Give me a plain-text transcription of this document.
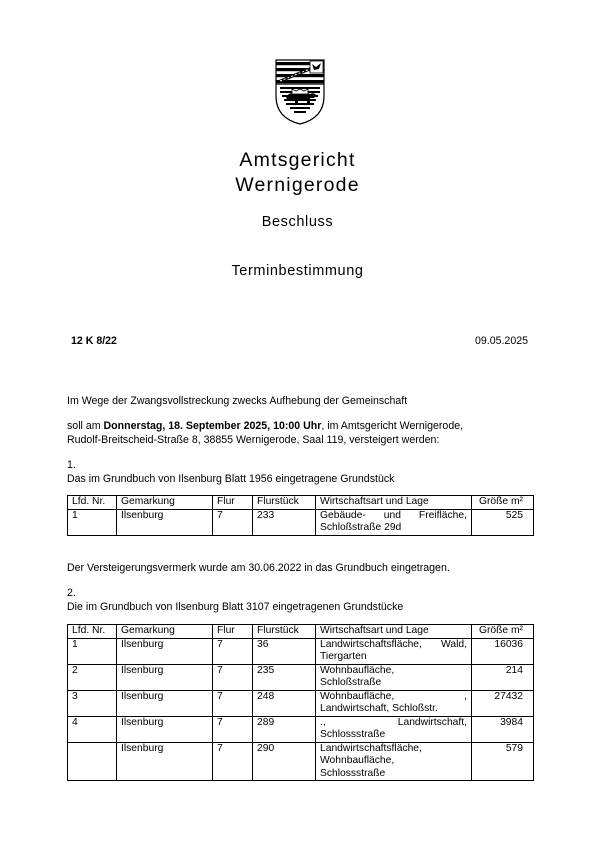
Amtsgericht
Wernigerode
Beschluss
Terminbestimmung
12 K 8/22	09.05.2025
Im Wege der Zwangsvollstreckung zwecks Aufhebung der Gemeinschaft
soll am Donnerstag, 18. September 2025, 10:00 Uhr, im Amtsgericht Wernigerode,
Rudolf-Breitscheid-Straße 8, 38855 Wernigerode, Saal 119, versteigert werden:
1.
Das im Grundbuch von Ilsenburg Blatt 1956 eingetragene Grundstück
Lfd. Nr.	Gemarkung	Flur	Flurstück	Wirtschaftsart und Lage	Größe m²
1	Ilsenburg	7	233	Gebäude- und Freifläche,
Schloßstraße 29d	525
Der Versteigerungsvermerk wurde am 30.06.2022 in das Grundbuch eingetragen.
2.
Die im Grundbuch von Ilsenburg Blatt 3107 eingetragenen Grundstücke
Lfd. Nr.	Gemarkung	Flur	Flurstück	Wirtschaftsart und Lage	Größe m²
1	Ilsenburg	7	36	Landwirtschaftsfläche, Wald,
Tiergarten	16036
2	Ilsenburg	7	235	Wohnbaufläche,
Schloßstraße	214
3	Ilsenburg	7	248	Wohnbaufläche, ,
Landwirtschaft, Schloßstr.	27432
4	Ilsenburg	7	289	., Landwirtschaft,
Schlossstraße	3984
	Ilsenburg	7	290	Landwirtschaftsfläche,
Wohnbaufläche,
Schlossstraße	579
